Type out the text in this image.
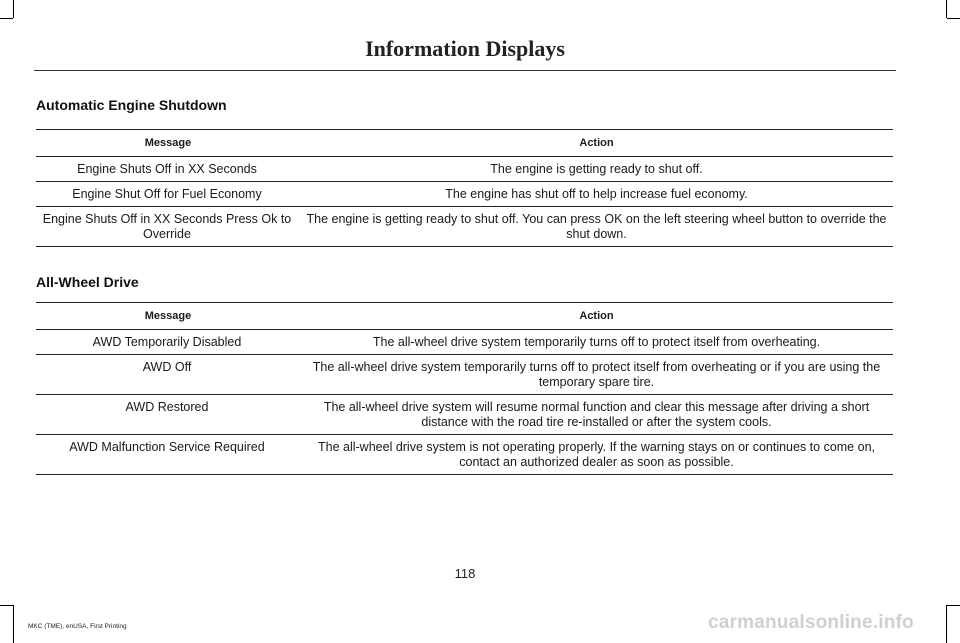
Information Displays
Automatic Engine Shutdown
Message	Action
Engine Shuts Off in XX Seconds	The engine is getting ready to shut off.
Engine Shut Off for Fuel Economy	The engine has shut off to help increase fuel economy.
Engine Shuts Off in XX Seconds Press Ok to Override	The engine is getting ready to shut off. You can press OK on the left steering wheel button to override the shut down.
All-Wheel Drive
Message	Action
AWD Temporarily Disabled	The all-wheel drive system temporarily turns off to protect itself from overheating.
AWD Off	The all-wheel drive system temporarily turns off to protect itself from overheating or if you are using the temporary spare tire.
AWD Restored	The all-wheel drive system will resume normal function and clear this message after driving a short distance with the road tire re-installed or after the system cools.
AWD Malfunction Service Required	The all-wheel drive system is not operating properly. If the warning stays on or continues to come on, contact an authorized dealer as soon as possible.
118
MKC (TME), enUSA, First Printing	carmanualsonline.info
